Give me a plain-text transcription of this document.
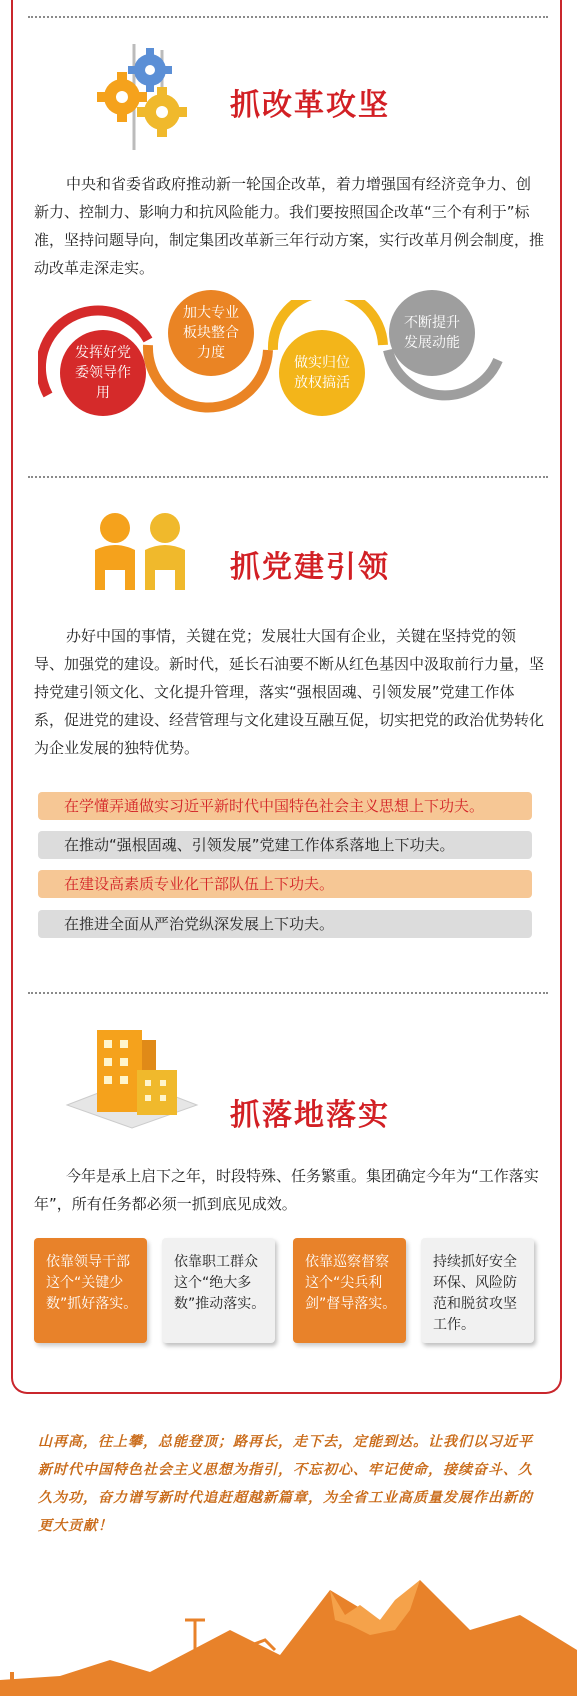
抓改革攻坚
中央和省委省政府推动新一轮国企改革，着力增强国有经济竞争力、创新力、控制力、影响力和抗风险能力。我们要按照国企改革“三个有利于”标准，坚持问题导向，制定集团改革新三年行动方案，实行改革月例会制度，推动改革走深走实。
发挥好党委领导作用
加大专业板块整合力度
做实归位放权搞活
不断提升发展动能
抓党建引领
办好中国的事情，关键在党；发展壮大国有企业，关键在坚持党的领导、加强党的建设。新时代，延长石油要不断从红色基因中汲取前行力量，坚持党建引领文化、文化提升管理，落实“强根固魂、引领发展”党建工作体系，促进党的建设、经营管理与文化建设互融互促，切实把党的政治优势转化为企业发展的独特优势。
在学懂弄通做实习近平新时代中国特色社会主义思想上下功夫。
在推动“强根固魂、引领发展”党建工作体系落地上下功夫。
在建设高素质专业化干部队伍上下功夫。
在推进全面从严治党纵深发展上下功夫。
抓落地落实
今年是承上启下之年，时段特殊、任务繁重。集团确定今年为“工作落实年”，所有任务都必须一抓到底见成效。
依靠领导干部这个“关键少数”抓好落实。
依靠职工群众这个“绝大多数”推动落实。
依靠巡察督察这个“尖兵利剑”督导落实。
持续抓好安全环保、风险防范和脱贫攻坚工作。
山再高，往上攀，总能登顶；路再长，走下去，定能到达。让我们以习近平新时代中国特色社会主义思想为指引，不忘初心、牢记使命，接续奋斗、久久为功，奋力谱写新时代追赶超越新篇章，为全省工业高质量发展作出新的更大贡献！
